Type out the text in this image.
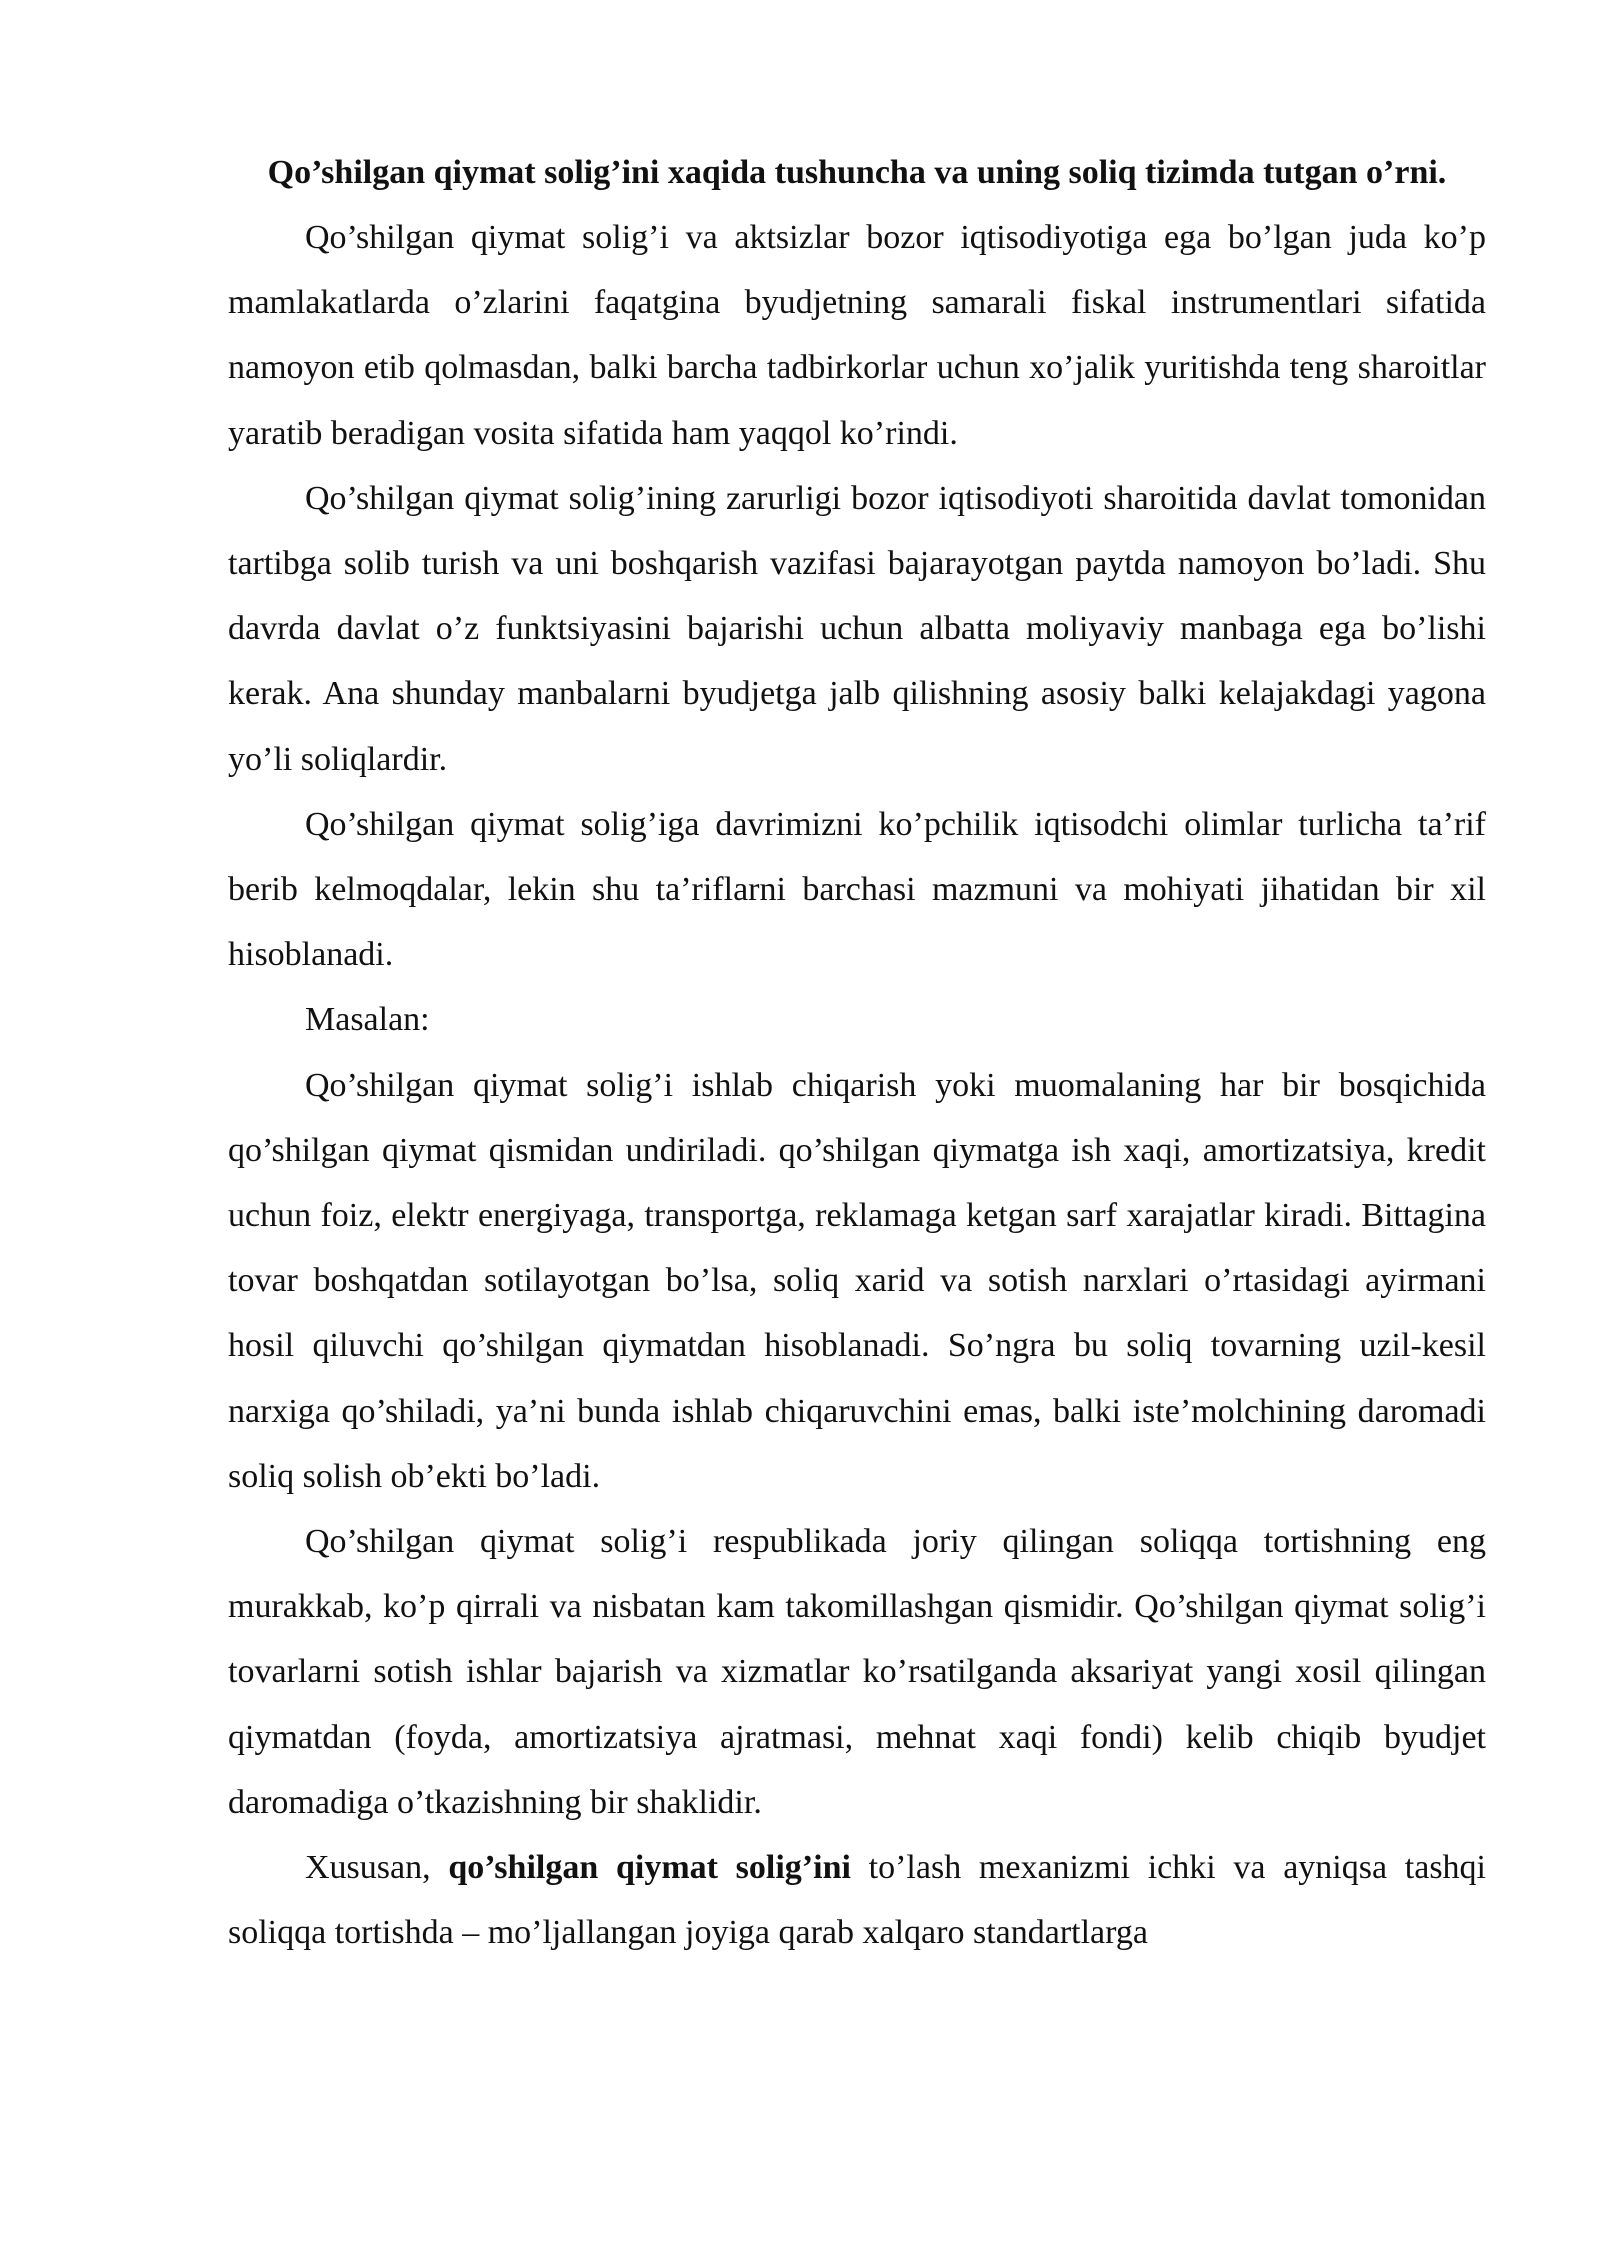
Qo’shilgan qiymat solig’ini xaqida tushuncha va uning soliq tizimda tutgan o’rni.

Qo’shilgan qiymat solig’i va aktsizlar bozor iqtisodiyotiga ega bo’lgan juda ko’p mamlakatlarda o’zlarini faqatgina byudjetning samarali fiskal instrumentlari sifatida namoyon etib qolmasdan, balki barcha tadbirkorlar uchun xo’jalik yuritishda teng sharoitlar yaratib beradigan vosita sifatida ham yaqqol ko’rindi.

Qo’shilgan qiymat solig’ining zarurligi bozor iqtisodiyoti sharoitida davlat tomonidan tartibga solib turish va uni boshqarish vazifasi bajarayotgan paytda namoyon bo’ladi. Shu davrda davlat o’z funktsiyasini bajarishi uchun albatta moliyaviy manbaga ega bo’lishi kerak. Ana shunday manbalarni byudjetga jalb qilishning asosiy balki kelajakdagi yagona yo’li soliqlardir.

Qo’shilgan qiymat solig’iga davrimizni ko’pchilik iqtisodchi olimlar turlicha ta’rif berib kelmoqdalar, lekin shu ta’riflarni barchasi mazmuni va mohiyati jihatidan bir xil hisoblanadi.

Masalan:

Qo’shilgan qiymat solig’i ishlab chiqarish yoki muomalaning har bir bosqichida qo’shilgan qiymat qismidan undiriladi. qo’shilgan qiymatga ish xaqi, amortizatsiya, kredit uchun foiz, elektr energiyaga, transportga, reklamaga ketgan sarf xarajatlar kiradi. Bittagina tovar boshqatdan sotilayotgan bo’lsa, soliq xarid va sotish narxlari o’rtasidagi ayirmani hosil qiluvchi qo’shilgan qiymatdan hisoblanadi. So’ngra bu soliq tovarning uzil-kesil narxiga qo’shiladi, ya’ni bunda ishlab chiqaruvchini emas, balki iste’molchining daromadi soliq solish ob’ekti bo’ladi.

Qo’shilgan qiymat solig’i respublikada joriy qilingan soliqqa tortishning eng murakkab, ko’p qirrali va nisbatan kam takomillashgan qismidir. Qo’shilgan qiymat solig’i tovarlarni sotish ishlar bajarish va xizmatlar ko’rsatilganda aksariyat yangi xosil qilingan qiymatdan (foyda, amortizatsiya ajratmasi, mehnat xaqi fondi) kelib chiqib byudjet daromadiga o’tkazishning bir shaklidir.

Xususan, qo’shilgan qiymat solig’ini to’lash mexanizmi ichki va ayniqsa tashqi soliqqa tortishda – mo’ljallangan joyiga qarab xalqaro standartlarga
